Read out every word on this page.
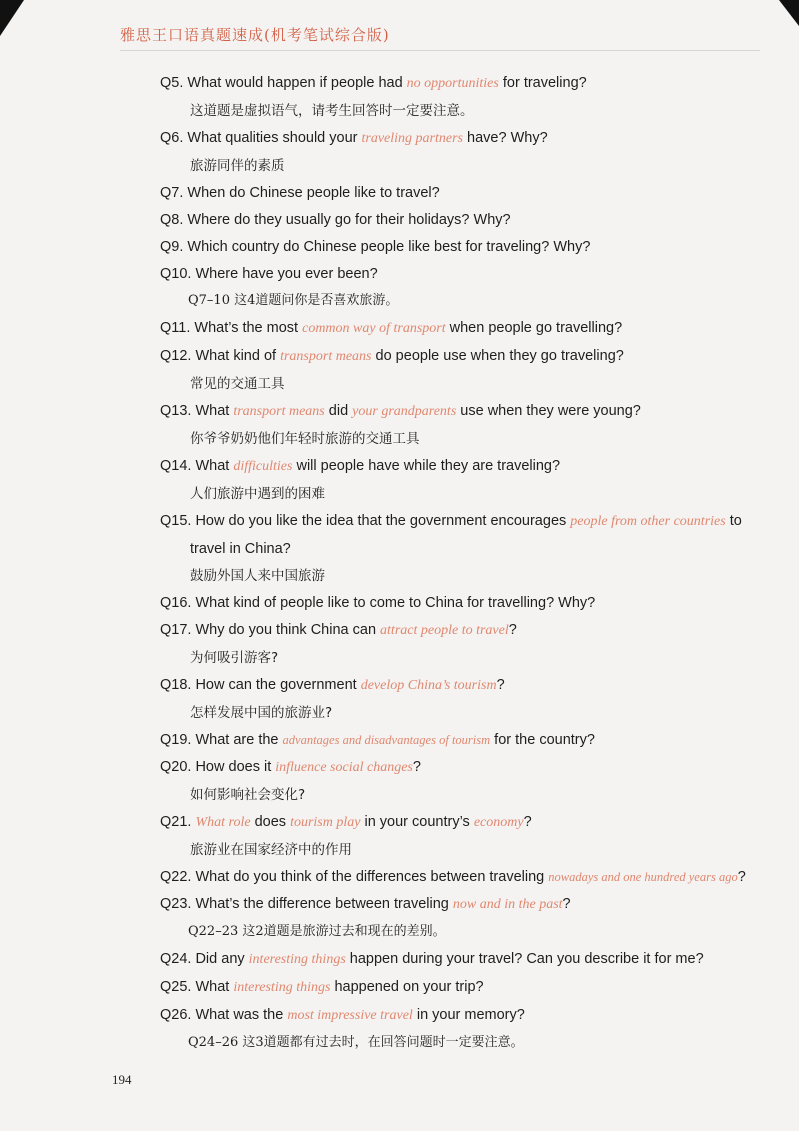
雅思王口语真题速成(机考笔试综合版)
Q5. What would happen if people had no opportunities for traveling?
这道题是虚拟语气，请考生回答时一定要注意。
Q6. What qualities should your traveling partners have? Why?
旅游同伴的素质
Q7. When do Chinese people like to travel?
Q8. Where do they usually go for their holidays? Why?
Q9. Which country do Chinese people like best for traveling? Why?
Q10. Where have you ever been?
Q7–10 这4道题问你是否喜欢旅游。
Q11. What’s the most common way of transport when people go travelling?
Q12. What kind of transport means do people use when they go traveling?
常见的交通工具
Q13. What transport means did your grandparents use when they were young?
你爷爷奶奶他们年轻时旅游的交通工具
Q14. What difficulties will people have while they are traveling?
人们旅游中遇到的困难
Q15. How do you like the idea that the government encourages people from other countries to
travel in China?
鼓励外国人来中国旅游
Q16. What kind of people like to come to China for travelling? Why?
Q17. Why do you think China can attract people to travel?
为何吸引游客?
Q18. How can the government develop China’s tourism?
怎样发展中国的旅游业?
Q19. What are the advantages and disadvantages of tourism for the country?
Q20. How does it influence social changes?
如何影响社会变化?
Q21. What role does tourism play in your country’s economy?
旅游业在国家经济中的作用
Q22. What do you think of the differences between traveling nowadays and one hundred years ago?
Q23. What’s the difference between traveling now and in the past?
Q22–23 这2道题是旅游过去和现在的差别。
Q24. Did any interesting things happen during your travel? Can you describe it for me?
Q25. What interesting things happened on your trip?
Q26. What was the most impressive travel in your memory?
Q24–26 这3道题都有过去时，在回答问题时一定要注意。
194
